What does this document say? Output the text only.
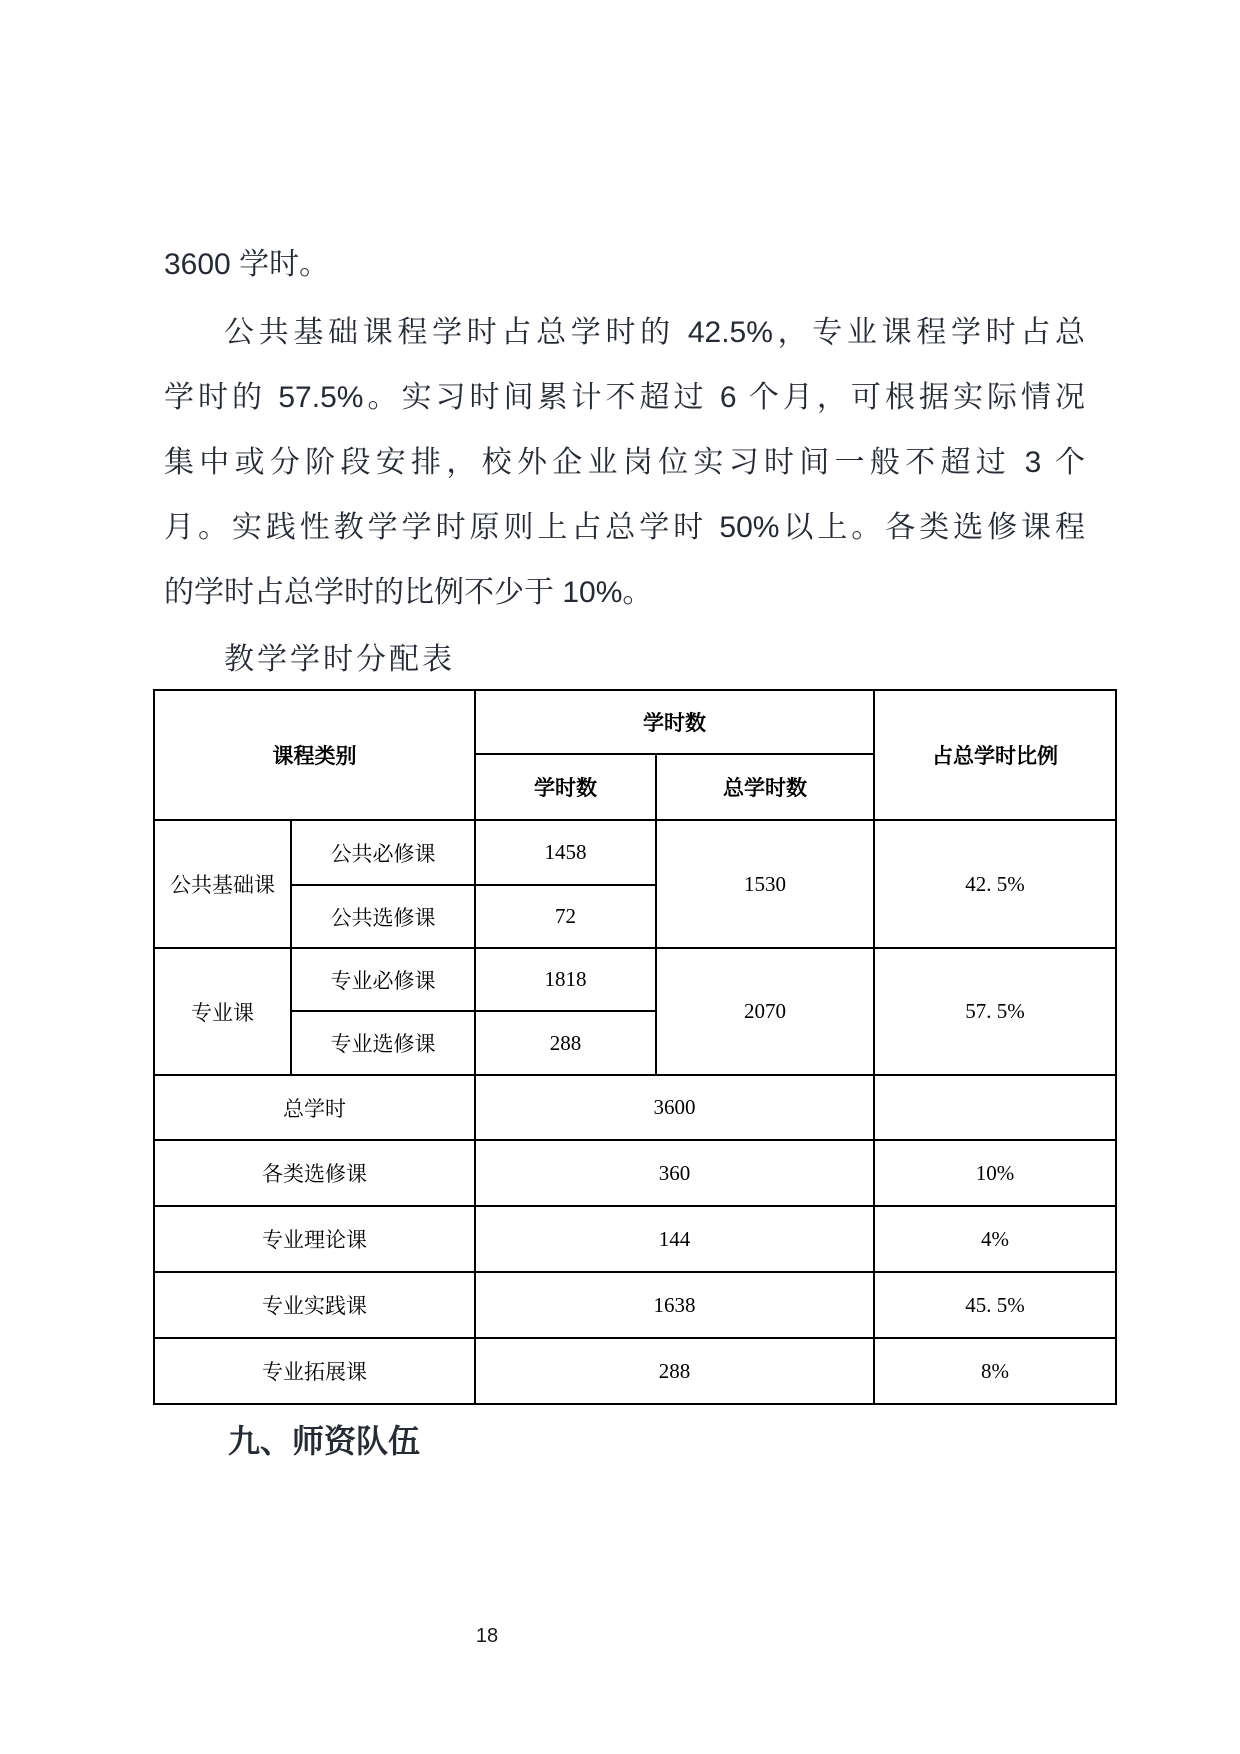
3600 学时。
公共基础课程学时占总学时的 42.5%，专业课程学时占总
学时的 57.5%。实习时间累计不超过 6 个月，可根据实际情况
集中或分阶段安排，校外企业岗位实习时间一般不超过 3 个
月。实践性教学学时原则上占总学时 50%以上。各类选修课程
的学时占总学时的比例不少于 10%。
教学学时分配表
课程类别		学时数		占总学时比例
		学时数	总学时数	
公共基础课	公共必修课	1458	1530	42. 5%
	公共选修课	72		
专业课	专业必修课	1818	2070	57. 5%
	专业选修课	288		
总学时		3600		
各类选修课		360		10%
专业理论课		144		4%
专业实践课		1638		45. 5%
专业拓展课		288		8%
九、师资队伍
18
